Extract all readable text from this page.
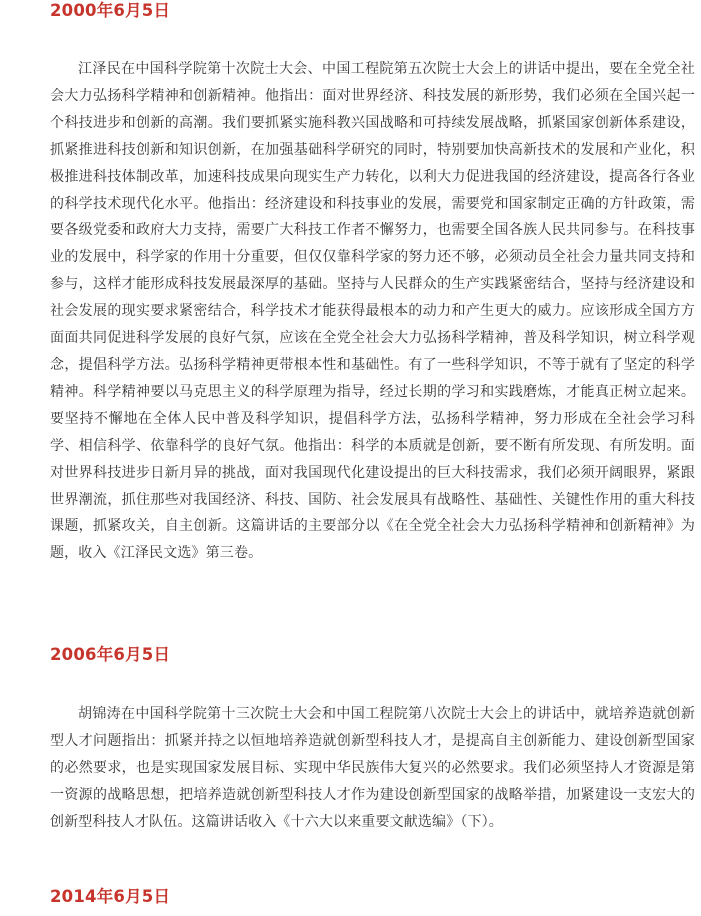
2000年6月5日

江泽民在中国科学院第十次院士大会、中国工程院第五次院士大会上的讲话中提出，要在全党全社会大力弘扬科学精神和创新精神。他指出：面对世界经济、科技发展的新形势，我们必须在全国兴起一个科技进步和创新的高潮。我们要抓紧实施科教兴国战略和可持续发展战略，抓紧国家创新体系建设，抓紧推进科技创新和知识创新，在加强基础科学研究的同时，特别要加快高新技术的发展和产业化，积极推进科技体制改革，加速科技成果向现实生产力转化，以利大力促进我国的经济建设，提高各行各业的科学技术现代化水平。他指出：经济建设和科技事业的发展，需要党和国家制定正确的方针政策，需要各级党委和政府大力支持，需要广大科技工作者不懈努力，也需要全国各族人民共同参与。在科技事业的发展中，科学家的作用十分重要，但仅仅靠科学家的努力还不够，必须动员全社会力量共同支持和参与，这样才能形成科技发展最深厚的基础。坚持与人民群众的生产实践紧密结合，坚持与经济建设和社会发展的现实要求紧密结合，科学技术才能获得最根本的动力和产生更大的威力。应该形成全国方方面面共同促进科学发展的良好气氛，应该在全党全社会大力弘扬科学精神，普及科学知识，树立科学观念，提倡科学方法。弘扬科学精神更带根本性和基础性。有了一些科学知识，不等于就有了坚定的科学精神。科学精神要以马克思主义的科学原理为指导，经过长期的学习和实践磨炼，才能真正树立起来。要坚持不懈地在全体人民中普及科学知识，提倡科学方法，弘扬科学精神，努力形成在全社会学习科学、相信科学、依靠科学的良好气氛。他指出：科学的本质就是创新，要不断有所发现、有所发明。面对世界科技进步日新月异的挑战，面对我国现代化建设提出的巨大科技需求，我们必须开阔眼界，紧跟世界潮流，抓住那些对我国经济、科技、国防、社会发展具有战略性、基础性、关键性作用的重大科技课题，抓紧攻关，自主创新。这篇讲话的主要部分以《在全党全社会大力弘扬科学精神和创新精神》为题，收入《江泽民文选》第三卷。

2006年6月5日

胡锦涛在中国科学院第十三次院士大会和中国工程院第八次院士大会上的讲话中，就培养造就创新型人才问题指出：抓紧并持之以恒地培养造就创新型科技人才，是提高自主创新能力、建设创新型国家的必然要求，也是实现国家发展目标、实现中华民族伟大复兴的必然要求。我们必须坚持人才资源是第一资源的战略思想，把培养造就创新型科技人才作为建设创新型国家的战略举措，加紧建设一支宏大的创新型科技人才队伍。这篇讲话收入《十六大以来重要文献选编》（下）。

2014年6月5日
